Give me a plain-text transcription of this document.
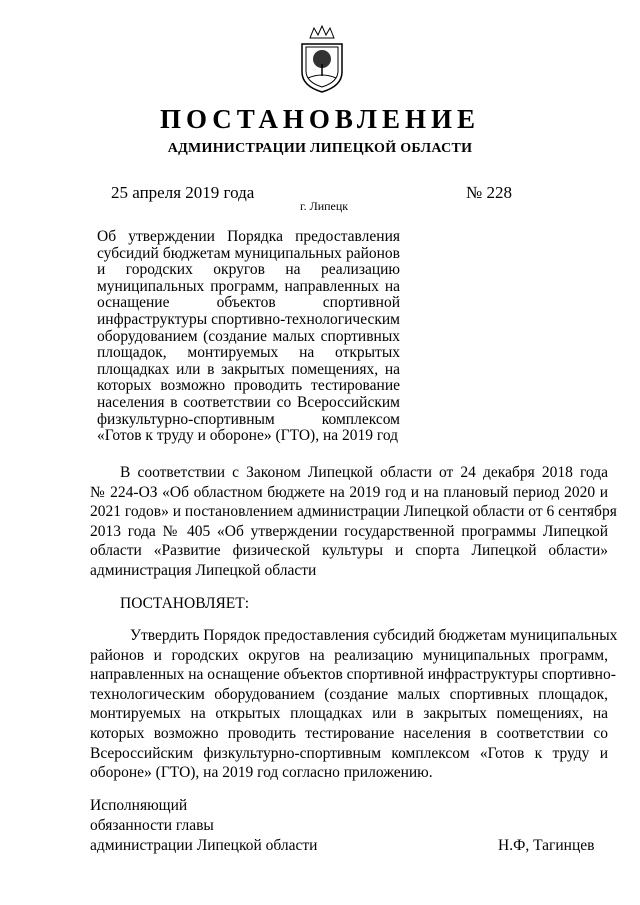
ПОСТАНОВЛЕНИЕ
АДМИНИСТРАЦИИ ЛИПЕЦКОЙ ОБЛАСТИ
25 апреля 2019 года
г. Липецк
№ 228
Об утверждении Порядка предоставления
субсидий бюджетам муниципальных районов
и городских округов на реализацию
муниципальных программ, направленных на
оснащение объектов спортивной
инфраструктуры спортивно-технологическим
оборудованием (создание малых спортивных
площадок, монтируемых на открытых
площадках или в закрытых помещениях, на
которых возможно проводить тестирование
населения в соответствии со Всероссийским
физкультурно-спортивным комплексом
«Готов к труду и обороне» (ГТО), на 2019 год
В соответствии с Законом Липецкой области от 24 декабря 2018 года
№ 224-ОЗ «Об областном бюджете на 2019 год и на плановый период 2020 и
2021 годов» и постановлением администрации Липецкой области от 6 сентября
2013 года № 405 «Об утверждении государственной программы Липецкой
области «Развитие физической культуры и спорта Липецкой области»
администрация Липецкой области
ПОСТАНОВЛЯЕТ:
Утвердить Порядок предоставления субсидий бюджетам муниципальных
районов и городских округов на реализацию муниципальных программ,
направленных на оснащение объектов спортивной инфраструктуры спортивно-
технологическим оборудованием (создание малых спортивных площадок,
монтируемых на открытых площадках или в закрытых помещениях, на
которых возможно проводить тестирование населения в соответствии со
Всероссийским физкультурно-спортивным комплексом «Готов к труду и
обороне» (ГТО), на 2019 год согласно приложению.
Исполняющий
обязанности главы
администрации Липецкой области	Н.Ф, Тагинцев
